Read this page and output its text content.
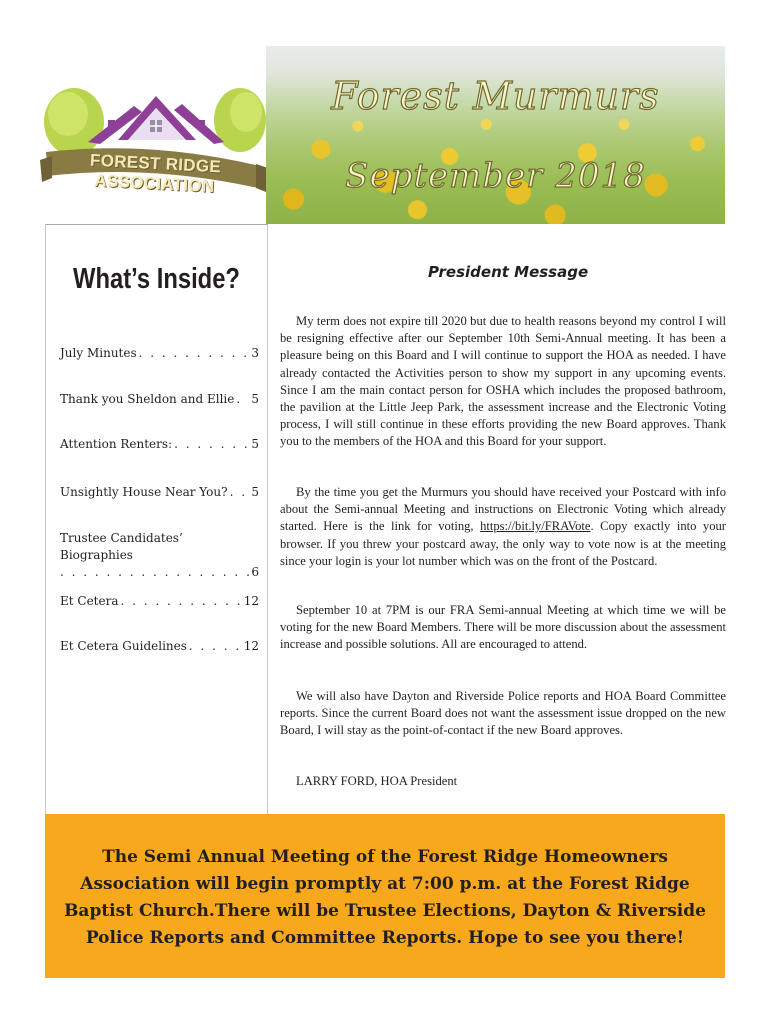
FOREST RIDGE ASSOCIATION
Forest Murmurs
September 2018
What’s Inside?
July Minutes . . .	3
Thank you Sheldon and Ellie . . . 5
Attention Renters: . . .	5
Unsightly House Near You? . . . 5
Trustee Candidates’ Biographies
. . .
6
Et Cetera . . .	12
Et Cetera Guidelines . . .	12
President Message

My term does not expire till 2020 but due to health reasons beyond my control I will be resigning effective after our September 10th Semi-Annual meeting. It has been a pleasure being on this Board and I will continue to support the HOA as needed. I have already contacted the Activities person to show my support in any upcoming events. Since I am the main contact person for OSHA which includes the proposed bathroom, the pavilion at the Little Jeep Park, the assessment increase and the Electronic Voting process, I will still continue in these efforts providing the new Board approves. Thank you to the members of the HOA and this Board for your support.

By the time you get the Murmurs you should have received your Postcard with info about the Semi-annual Meeting and instructions on Electronic Voting which already started. Here is the link for voting, https://bit.ly/FRAVote. Copy exactly into your browser. If you threw your postcard away, the only way to vote now is at the meeting since your login is your lot number which was on the front of the Postcard.

September 10 at 7PM is our FRA Semi-annual Meeting at which time we will be voting for the new Board Members. There will be more discussion about the assessment increase and possible solutions. All are encouraged to attend.

We will also have Dayton and Riverside Police reports and HOA Board Committee reports. Since the current Board does not want the assessment issue dropped on the new Board, I will stay as the point-of-contact if the new Board approves.

LARRY FORD, HOA President

The Semi Annual Meeting of the Forest Ridge Homeowners Association will begin promptly at 7:00 p.m. at the Forest Ridge Baptist Church.There will be Trustee Elections, Dayton & Riverside Police Reports and Committee Reports. Hope to see you there!
